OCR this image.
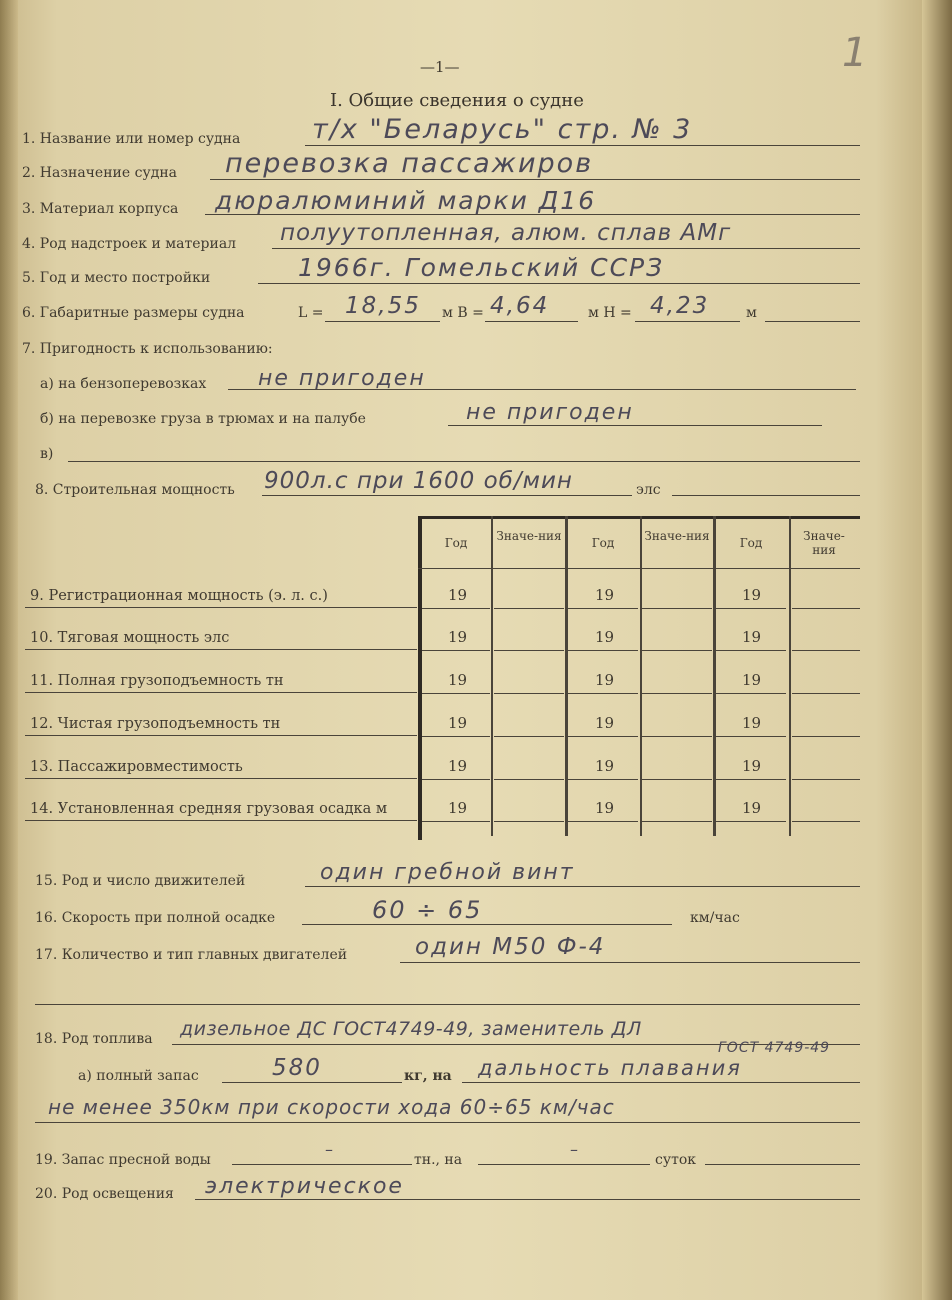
1
—1—
I. Общие сведения о судне
1. Название или номер судна	т/х "Беларусь" стр. № 3
2. Назначение судна перевозка пассажиров
3. Материал корпуса дюралюминий марки Д16
4. Род надстроек и материал полуутопленная, алюм. сплав АМг
5. Год и место постройки	1966г. Гомельский ССРЗ
6. Габаритные размеры судна	L = 18,55 м B = 4,64	м H = 4,23	м
7. Пригодность к использованию:
а) на бензоперевозках не пригоден
б) на перевозке груза в трюмах и на палубе	не пригоден
в)
8. Строительная мощность 900л.с при 1600 об/мин	элс
Год	Значе-ния	Год	Значе-ния	Год	Значе-ния
9. Регистрационная мощность (э. л. с.)	19	19	19
10. Тяговая мощность элс	19	19	19
11. Полная грузоподъемность тн	19	19	19
12. Чистая грузоподъемность тн	19	19	19
13. Пассажировместимость	19	19	19
14. Установленная средняя грузовая осадка м	19	19	19
15. Род и число движителей	один гребной винт
16. Скорость при полной осадке	60 ÷ 65	км/час
17. Количество и тип главных двигателей	один М50 Ф-4
18. Род топлива дизельное ДС ГОСТ4749-49, заменитель ДЛ
ГОСТ 4749-49
а) полный запас	580	кг, на дальность плавания
не менее 350км при скорости хода 60÷65 км/час
19. Запас пресной воды
–
тн., на
–
суток
20. Род освещения электрическое
